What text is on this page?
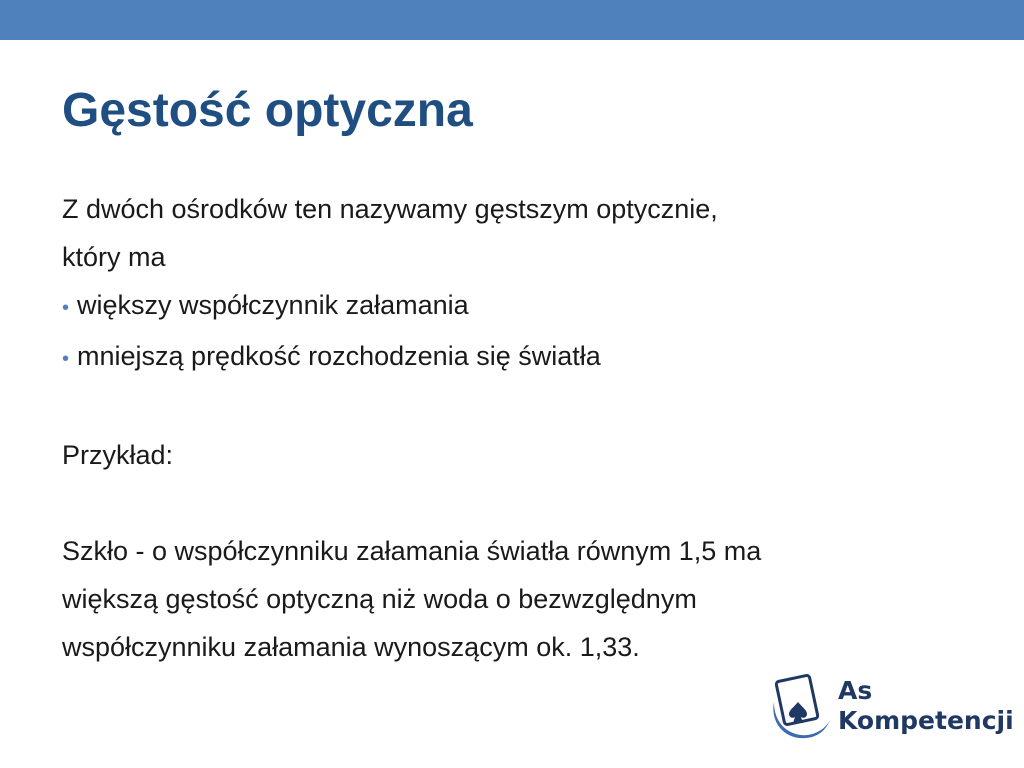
Gęstość optyczna
Z dwóch ośrodków ten nazywamy gęstszym optycznie,
który ma
• większy współczynnik załamania
• mniejszą prędkość rozchodzenia się światła
Przykład:
Szkło - o współczynniku załamania światła równym 1,5 ma
większą gęstość optyczną niż woda o bezwzględnym
współczynniku załamania wynoszącym ok. 1,33.
As
Kompetencji
